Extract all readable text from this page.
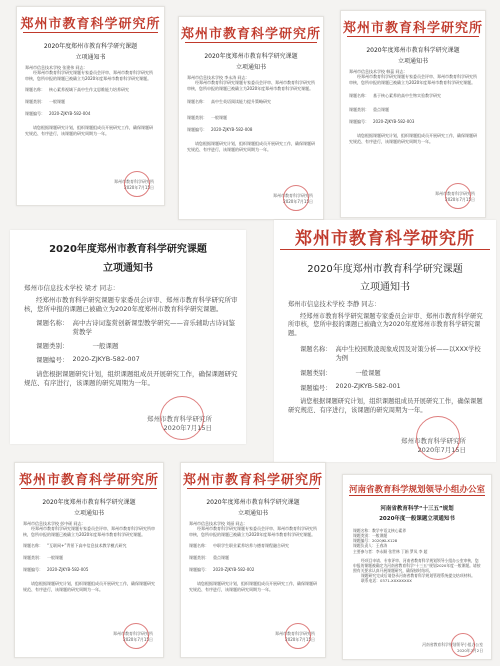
郑州市教育科学研究所
2020年度郑州市教育科学研究课题
立项通知书
郑州市信息技术学校 张建伟 同志：
经郑州市教育科学研究课题专家委员会评审、郑州市教育科学研究所审核，您所申报的课题已被确立为2020年度郑州市教育科学研究课题。
课题名称： 核心素养视域下高中生作文思维能力培养研究
课题类别： 一般课题
课题编号： 2020-ZJKYB-582-004
请您根据课题研究计划，组织课题组成员开展研究工作，确保课题研究规范、有序进行，该课题的研究周期为一年。
郑州市教育科学研究所
2020年7月15日
郑州市教育科学研究所
2020年度郑州市教育科学研究课题
立项通知书
郑州市信息技术学校 李永涛 同志：
经郑州市教育科学研究课题专家委员会评审、郑州市教育科学研究所审核，您所申报的课题已被确立为2020年度郑州市教育科学研究课题。
课题名称： 高中生英语阅读能力提升策略研究
课题类别： 一般课题
课题编号： 2020-ZJKYB-582-008
请您根据课题研究计划，组织课题组成员开展研究工作，确保课题研究规范、有序进行，该课题的研究周期为一年。
郑州市教育科学研究所
2020年7月15日
郑州市教育科学研究所
2020年度郑州市教育科学研究课题
立项通知书
郑州市信息技术学校 韩蕊 同志：
经郑州市教育科学研究课题专家委员会评审、郑州市教育科学研究所审核，您所申报的课题已被确立为2020年度郑州市教育科学研究课题。
课题名称： 基于核心素养的高中生物实验教学研究
课题类别： 重点课题
课题编号： 2020-ZJKYB-582-003
请您根据课题研究计划，组织课题组成员开展研究工作，确保课题研究规范、有序进行，该课题的研究周期为一年。
郑州市教育科学研究所
2020年7月15日
2020年度郑州市教育科学研究课题
立项通知书
郑州市信息技术学校 梁才 同志：
经郑州市教育科学研究课题专家委员会评审、郑州市教育科学研究所审核，您所申报的课题已被确立为2020年度郑州市教育科学研究课题。
课题名称： 高中古诗词鉴赏创新课型教学研究——音乐辅助古诗词鉴赏教学
课题类别：	一般课题
课题编号： 2020-ZJKYB-582-007
请您根据课题研究计划，组织课题组成员开展研究工作，确保课题研究规范、有序进行，该课题的研究周期为一年。
郑州市教育科学研究所
2020年7月15日
郑州市教育科学研究所
2020年度郑州市教育科学研究课题
立项通知书
郑州市信息技术学校 李静 同志：
经郑州市教育科学研究课题专家委员会评审、郑州市教育科学研究所审核，您所申报的课题已被确立为2020年度郑州市教育科学研究课题。
课题名称： 高中生校园欺凌现象成因及对策分析——以XXX学校为例
课题类别：	一般课题
课题编号： 2020-ZJKYB-582-001
请您根据课题研究计划，组织课题组成员开展研究工作，确保课题研究规范、有序进行，该课题的研究周期为一年。
郑州市教育科学研究所
2020年7月15日
郑州市教育科学研究所
2020年度郑州市教育科学研究课题
立项通知书
郑州市信息技术学校 彭中硕 同志：
经郑州市教育科学研究课题专家委员会评审、郑州市教育科学研究所审核，您所申报的课题已被确立为2020年度郑州市教育科学研究课题。
课题名称： “互联网+”背景下高中信息技术教学模式研究
课题类别： 一般课题
课题编号： 2020-ZJKYB-582-005
请您根据课题研究计划，组织课题组成员开展研究工作，确保课题研究规范、有序进行，该课题的研究周期为一年。
郑州市教育科学研究所
2020年7月15日
郑州市教育科学研究所
2020年度郑州市教育科学研究课题
立项通知书
郑州市信息技术学校 刘丽 同志：
经郑州市教育科学研究课题专家委员会评审、郑州市教育科学研究所审核，您所申报的课题已被确立为2020年度郑州市教育科学研究课题。
课题名称： 中职学生职业素养培养与德育课程融合研究
课题类别： 重点课题
课题编号： 2020-ZJKYB-582-002
请您根据课题研究计划，组织课题组成员开展研究工作，确保课题研究规范、有序进行，该课题的研究周期为一年。
郑州市教育科学研究所
2020年7月15日
河南省教育科学规划领导小组办公室
河南省教育科学“十三五”规划
2020年度一般课题立项通知书
课题名称：教学中语文核心素养
课题类别：一般课题
课题编号：2020JKLX128
课题负责人：王春涛
主要参与者：李永顺 张世林 丁娟 罗凤 李 超
经项目申请、专家评审、河南省教育科学规划领导小组办公室审核，您申报的课题被确定为河南省教育科学“十三五”规划2020年度一般课题。请按照有关要求认真开展课题研究，确保按时结项。
课题研究完成后请登录河南省教育科学规划管理系统提交结项材料。
联系电话：0371-XXXXXXXX
河南省教育科学规划领导小组办公室
2020年7月2日
